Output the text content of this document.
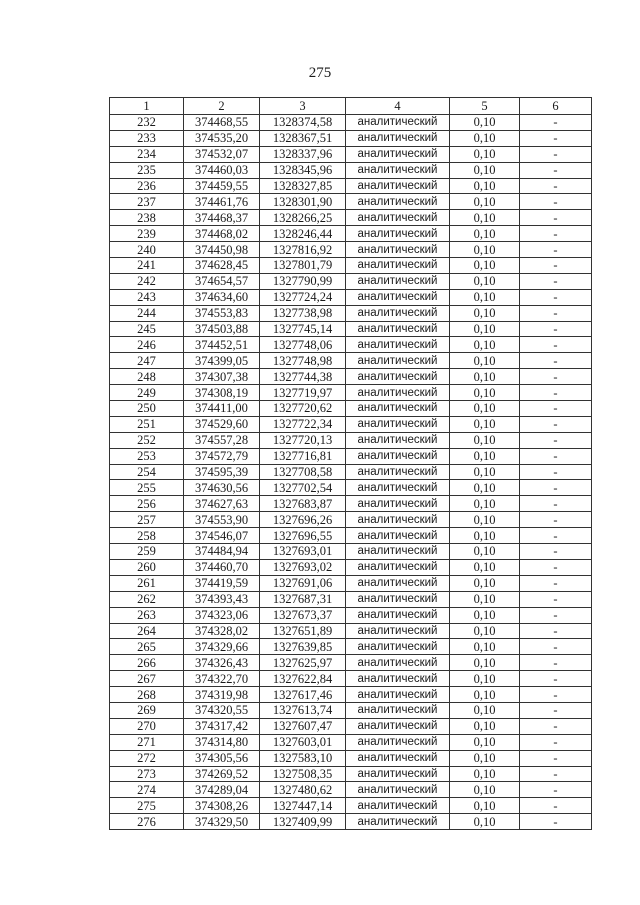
275
1	2	3	4	5	6
232	374468,55	1328374,58	аналитический	0,10	-
233	374535,20	1328367,51	аналитический	0,10	-
234	374532,07	1328337,96	аналитический	0,10	-
235	374460,03	1328345,96	аналитический	0,10	-
236	374459,55	1328327,85	аналитический	0,10	-
237	374461,76	1328301,90	аналитический	0,10	-
238	374468,37	1328266,25	аналитический	0,10	-
239	374468,02	1328246,44	аналитический	0,10	-
240	374450,98	1327816,92	аналитический	0,10	-
241	374628,45	1327801,79	аналитический	0,10	-
242	374654,57	1327790,99	аналитический	0,10	-
243	374634,60	1327724,24	аналитический	0,10	-
244	374553,83	1327738,98	аналитический	0,10	-
245	374503,88	1327745,14	аналитический	0,10	-
246	374452,51	1327748,06	аналитический	0,10	-
247	374399,05	1327748,98	аналитический	0,10	-
248	374307,38	1327744,38	аналитический	0,10	-
249	374308,19	1327719,97	аналитический	0,10	-
250	374411,00	1327720,62	аналитический	0,10	-
251	374529,60	1327722,34	аналитический	0,10	-
252	374557,28	1327720,13	аналитический	0,10	-
253	374572,79	1327716,81	аналитический	0,10	-
254	374595,39	1327708,58	аналитический	0,10	-
255	374630,56	1327702,54	аналитический	0,10	-
256	374627,63	1327683,87	аналитический	0,10	-
257	374553,90	1327696,26	аналитический	0,10	-
258	374546,07	1327696,55	аналитический	0,10	-
259	374484,94	1327693,01	аналитический	0,10	-
260	374460,70	1327693,02	аналитический	0,10	-
261	374419,59	1327691,06	аналитический	0,10	-
262	374393,43	1327687,31	аналитический	0,10	-
263	374323,06	1327673,37	аналитический	0,10	-
264	374328,02	1327651,89	аналитический	0,10	-
265	374329,66	1327639,85	аналитический	0,10	-
266	374326,43	1327625,97	аналитический	0,10	-
267	374322,70	1327622,84	аналитический	0,10	-
268	374319,98	1327617,46	аналитический	0,10	-
269	374320,55	1327613,74	аналитический	0,10	-
270	374317,42	1327607,47	аналитический	0,10	-
271	374314,80	1327603,01	аналитический	0,10	-
272	374305,56	1327583,10	аналитический	0,10	-
273	374269,52	1327508,35	аналитический	0,10	-
274	374289,04	1327480,62	аналитический	0,10	-
275	374308,26	1327447,14	аналитический	0,10	-
276	374329,50	1327409,99	аналитический	0,10	-
